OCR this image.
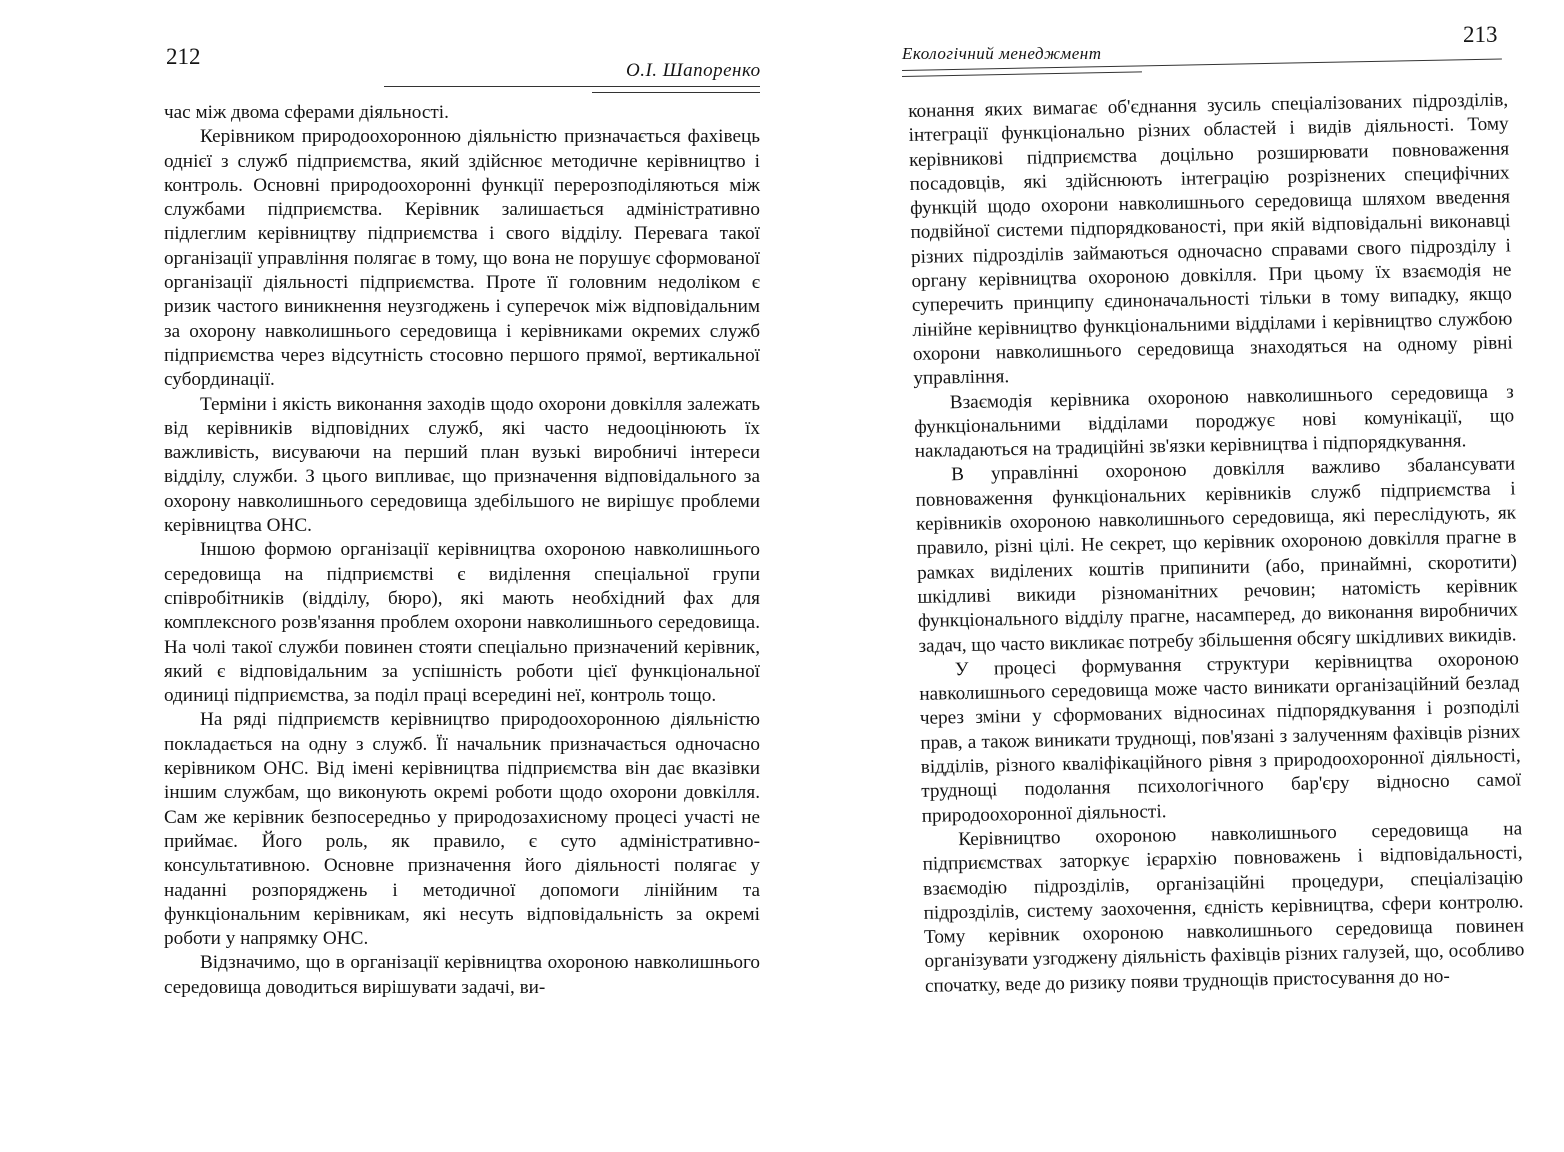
212
О.І. Шапоренко

час між двома сферами діяльності.

Керівником природоохоронною діяльністю призначається фахівець однієї з служб підприємства, який здійснює методичне керівництво і контроль. Основні природоохоронні функції перерозподіляються між службами підприємства. Керівник залишається адміністративно підлеглим керівництву підприємства і свого відділу. Перевага такої організації управління полягає в тому, що вона не порушує сформованої організації діяльності підприємства. Проте її головним недоліком є ризик частого виникнення неузгоджень і суперечок між відповідальним за охорону навколишнього середовища і керівниками окремих служб підприємства через відсутність стосовно першого прямої, вертикальної субординації.

Терміни і якість виконання заходів щодо охорони довкілля залежать від керівників відповідних служб, які часто недооцінюють їх важливість, висуваючи на перший план вузькі виробничі інтереси відділу, служби. З цього випливає, що призначення відповідального за охорону навколишнього середовища здебільшого не вирішує проблеми керівництва ОНС.

Іншою формою організації керівництва охороною навколишнього середовища на підприємстві є виділення спеціальної групи співробітників (відділу, бюро), які мають необхідний фах для комплексного розв'язання проблем охорони навколишнього середовища. На чолі такої служби повинен стояти спеціально призначений керівник, який є відповідальним за успішність роботи цієї функціональної одиниці підприємства, за поділ праці всередині неї, контроль тощо.

На ряді підприємств керівництво природоохоронною діяльністю покладається на одну з служб. Її начальник призначається одночасно керівником ОНС. Від імені керівництва підприємства він дає вказівки іншим службам, що виконують окремі роботи щодо охорони довкілля. Сам же керівник безпосередньо у природозахисному процесі участі не приймає. Його роль, як правило, є суто адміністративно-консультативною. Основне призначення його діяльності полягає у наданні розпоряджень і методичної допомоги лінійним та функціональним керівникам, які несуть відповідальність за окремі роботи у напрямку ОНС.

Відзначимо, що в організації керівництва охороною навколишнього середовища доводиться вирішувати задачі, ви-

213
Екологічний менеджмент

конання яких вимагає об'єднання зусиль спеціалізованих підрозділів, інтеграції функціонально різних областей і видів діяльності. Тому керівникові підприємства доцільно розширювати повноваження посадовців, які здійснюють інтеграцію розрізнених специфічних функцій щодо охорони навколишнього середовища шляхом введення подвійної системи підпорядкованості, при якій відповідальні виконавці різних підрозділів займаються одночасно справами свого підрозділу і органу керівництва охороною довкілля. При цьому їх взаємодія не суперечить принципу єдиноначальності тільки в тому випадку, якщо лінійне керівництво функціональними відділами і керівництво службою охорони навколишнього середовища знаходяться на одному рівні управління.

Взаємодія керівника охороною навколишнього середовища з функціональними відділами породжує нові комунікації, що накладаються на традиційні зв'язки керівництва і підпорядкування.

В управлінні охороною довкілля важливо збалансувати повноваження функціональних керівників служб підприємства і керівників охороною навколишнього середовища, які переслідують, як правило, різні цілі. Не секрет, що керівник охороною довкілля прагне в рамках виділених коштів припинити (або, принаймні, скоротити) шкідливі викиди різноманітних речовин; натомість керівник функціонального відділу прагне, насамперед, до виконання виробничих задач, що часто викликає потребу збільшення обсягу шкідливих викидів.

У процесі формування структури керівництва охороною навколишнього середовища може часто виникати організаційний безлад через зміни у сформованих відносинах підпорядкування і розподілі прав, а також виникати труднощі, пов'язані з залученням фахівців різних відділів, різного кваліфікаційного рівня з природоохоронної діяльності, труднощі подолання психологічного бар'єру відносно самої природоохоронної діяльності.

Керівництво охороною навколишнього середовища на підприємствах заторкує ієрархію повноважень і відповідальності, взаємодію підрозділів, організаційні процедури, спеціалізацію підрозділів, систему заохочення, єдність керівництва, сфери контролю. Тому керівник охороною навколишнього середовища повинен організувати узгоджену діяльність фахівців різних галузей, що, особливо спочатку, веде до ризику появи труднощів пристосування до но-
